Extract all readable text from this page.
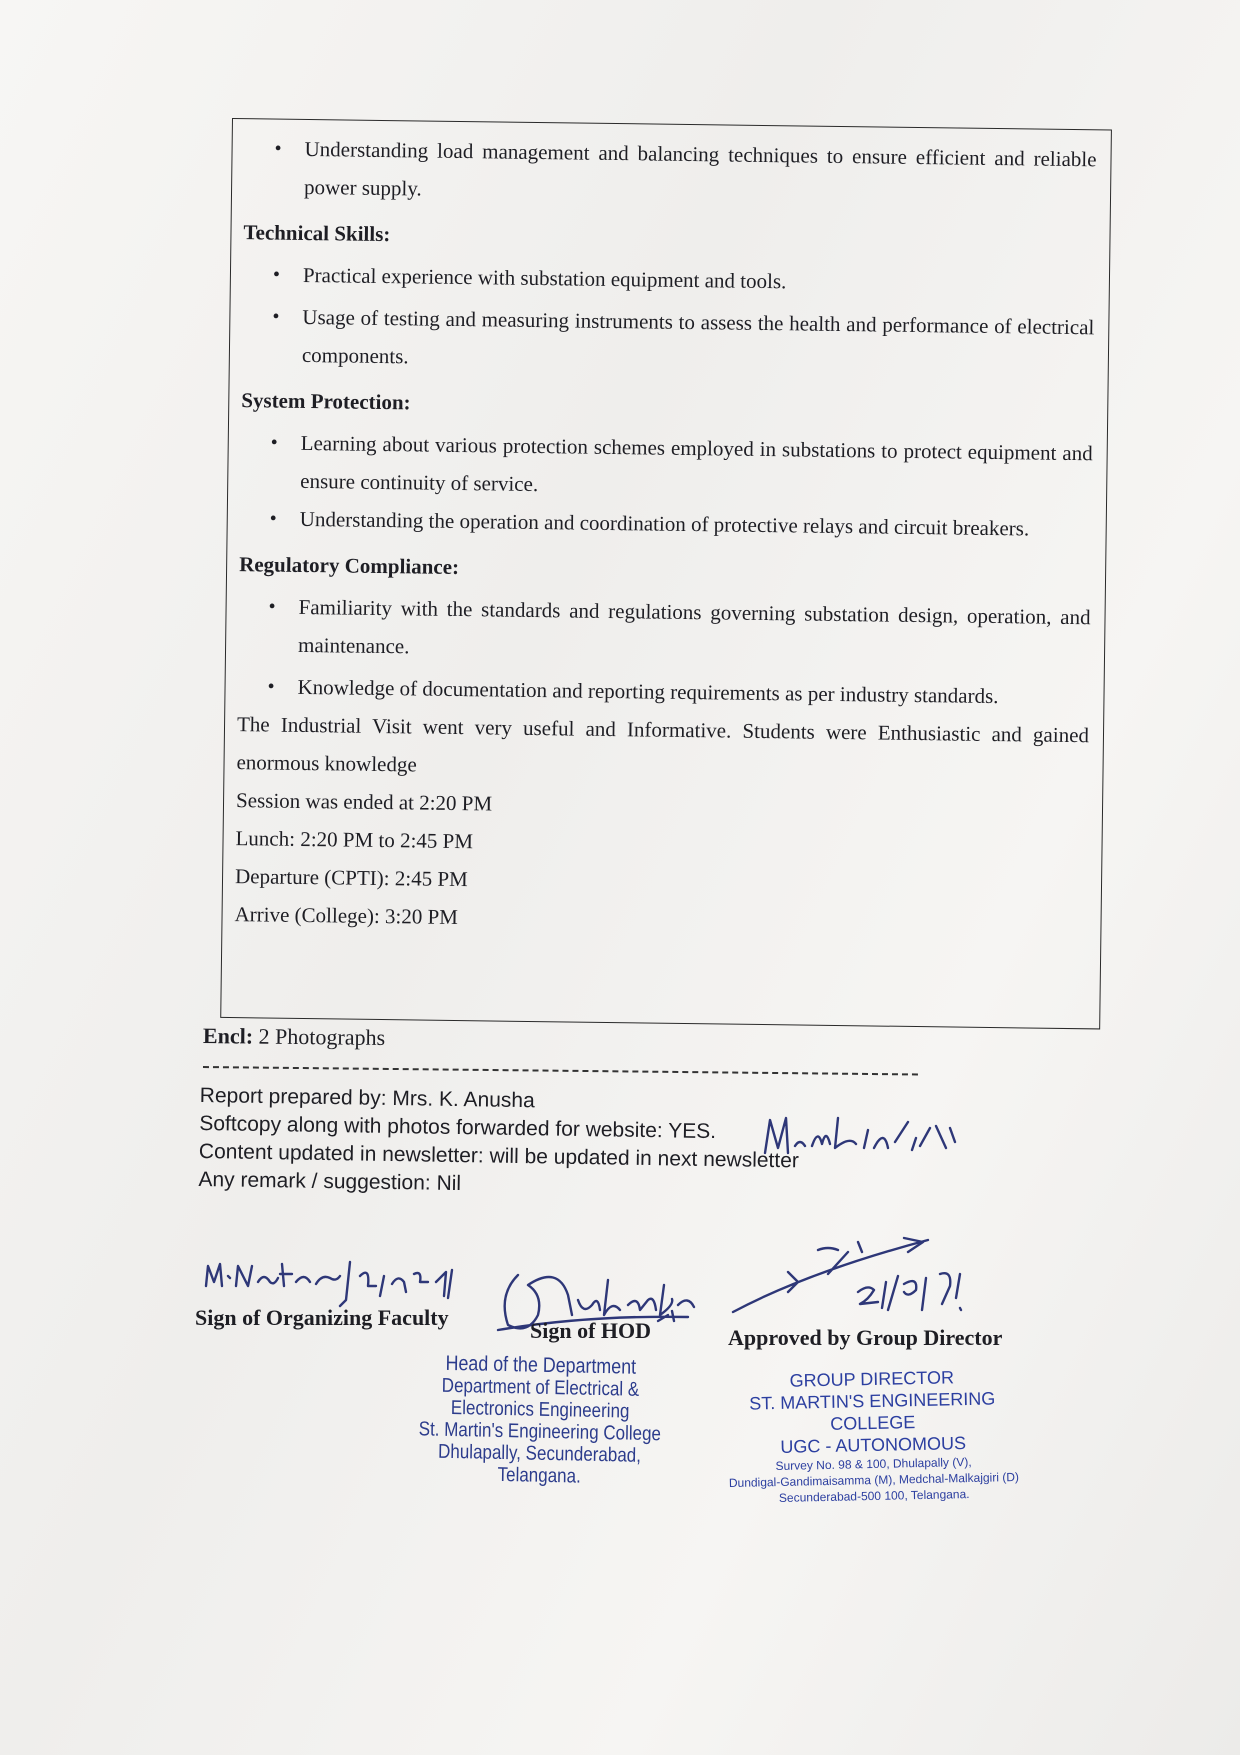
• Understanding load management and balancing techniques to ensure efficient and reliable power supply.

Technical Skills:

• Practical experience with substation equipment and tools.

• Usage of testing and measuring instruments to assess the health and performance of electrical components.

System Protection:

• Learning about various protection schemes employed in substations to protect equipment and ensure continuity of service.

• Understanding the operation and coordination of protective relays and circuit breakers.

Regulatory Compliance:

• Familiarity with the standards and regulations governing substation design, operation, and maintenance.

• Knowledge of documentation and reporting requirements as per industry standards.

The Industrial Visit went very useful and Informative. Students were Enthusiastic and gained enormous knowledge

Session was ended at 2:20 PM

Lunch: 2:20 PM to 2:45 PM

Departure (CPTI): 2:45 PM

Arrive (College): 3:20 PM

Encl: 2 Photographs

Report prepared by: Mrs. K. Anusha

Softcopy along with photos forwarded for website: YES.

Content updated in newsletter: will be updated in next newsletter

Any remark / suggestion: Nil

Sign of Organizing Faculty
Sign of HOD	Approved by Group Director

Head of the Department

Department of Electrical & Electronics Engineering

St. Martin's Engineering College

Dhulapally, Secunderabad, Telangana.

GROUP DIRECTOR

ST. MARTIN'S ENGINEERING COLLEGE

UGC - AUTONOMOUS

Survey No. 98 & 100, Dhulapally (V),

Dundigal-Gandimaisamma (M), Medchal-Malkajgiri (D)

Secunderabad-500 100, Telangana.
